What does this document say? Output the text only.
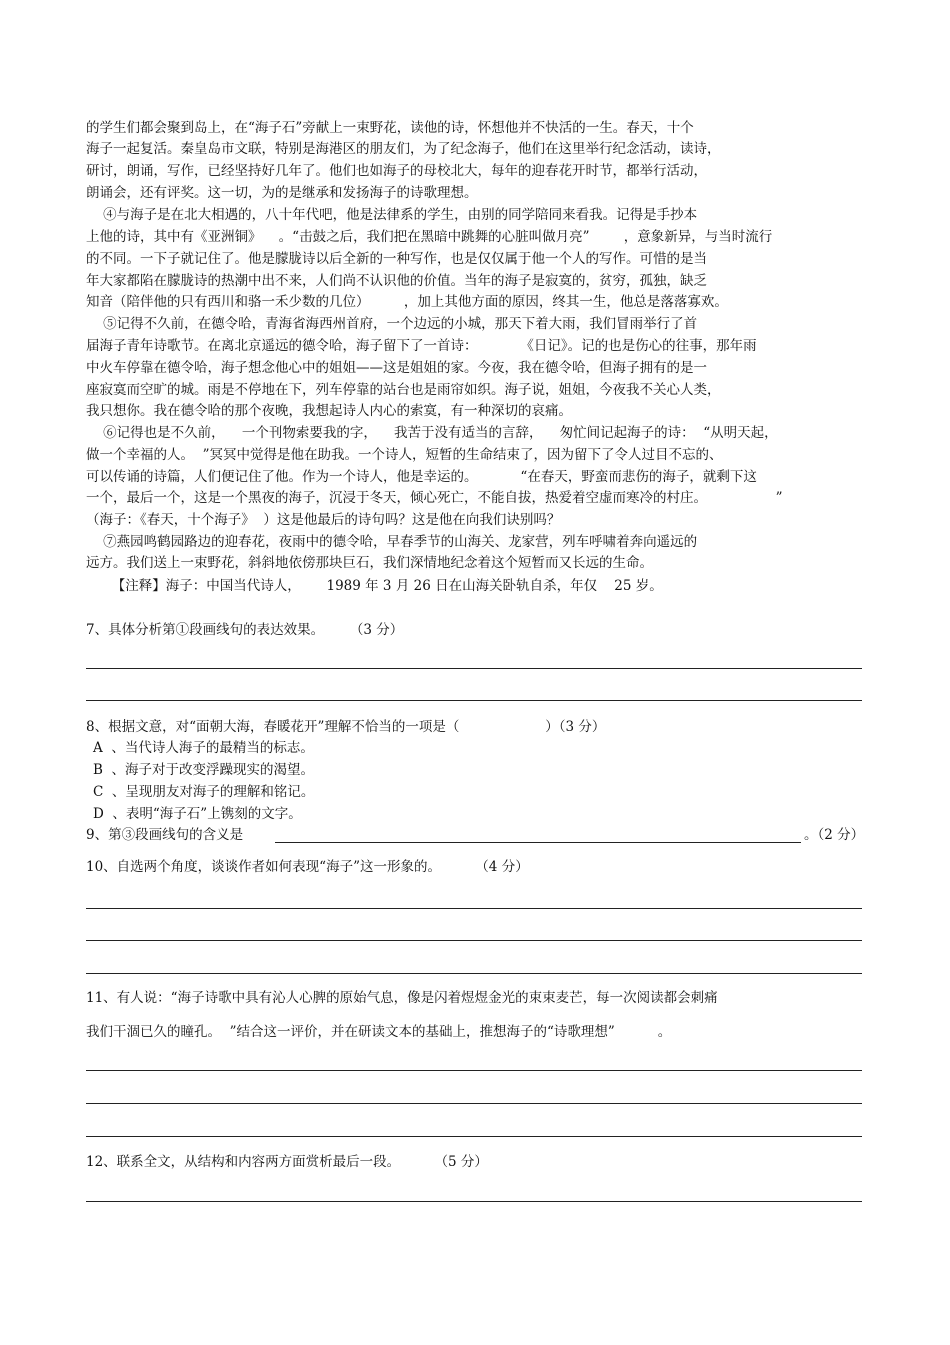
的学生们都会聚到岛上，在“海子石”旁献上一束野花，读他的诗，怀想他并不快活的一生。春天，十个
海子一起复活。秦皇岛市文联，特别是海港区的朋友们，为了纪念海子，他们在这里举行纪念活动，读诗，
研讨，朗诵，写作，已经坚持好几年了。他们也如海子的母校北大，每年的迎春花开时节，都举行活动，
朗诵会，还有评奖。这一切，为的是继承和发扬海子的诗歌理想。
④与海子是在北大相遇的，八十年代吧，他是法律系的学生，由别的同学陪同来看我。记得是手抄本
上他的诗，其中有《亚洲铜》    。“击鼓之后，我们把在黑暗中跳舞的心脏叫做月亮”        ，意象新异，与当时流行
的不同。一下子就记住了。他是朦胧诗以后全新的一种写作，也是仅仅属于他一个人的写作。可惜的是当
年大家都陷在朦胧诗的热潮中出不来，人们尚不认识他的价值。当年的海子是寂寞的，贫穷，孤独，缺乏
知音（陪伴他的只有西川和骆一禾少数的几位）        ，加上其他方面的原因，终其一生，他总是落落寡欢。
⑤记得不久前，在德令哈，青海省海西州首府，一个边远的小城，那天下着大雨，我们冒雨举行了首
届海子青年诗歌节。在离北京遥远的德令哈，海子留下了一首诗：          《日记》。记的也是伤心的往事，那年雨
中火车停靠在德令哈，海子想念他心中的姐姐——这是姐姐的家。今夜，我在德令哈，但海子拥有的是一
座寂寞而空旷的城。雨是不停地在下，列车停靠的站台也是雨帘如织。海子说，姐姐，今夜我不关心人类，
我只想你。我在德令哈的那个夜晚，我想起诗人内心的索寞，有一种深切的哀痛。
⑥记得也是不久前，    一个刊物索要我的字，    我苦于没有适当的言辞，    匆忙间记起海子的诗：  “从明天起，
做一个幸福的人。  ”冥冥中觉得是他在助我。一个诗人，短暂的生命结束了，因为留下了令人过目不忘的、
可以传诵的诗篇，人们便记住了他。作为一个诗人，他是幸运的。          “在春天，野蛮而悲伤的海子，就剩下这
一个，最后一个，这是一个黑夜的海子，沉浸于冬天，倾心死亡，不能自拔，热爱着空虚而寒冷的村庄。                ”
（海子：《春天，十个海子》  ）这是他最后的诗句吗？这是他在向我们诀别吗？
⑦燕园鸣鹤园路边的迎春花，夜雨中的德令哈，早春季节的山海关、龙家营，列车呼啸着奔向遥远的
远方。我们送上一束野花，斜斜地依傍那块巨石，我们深情地纪念着这个短暂而又长远的生命。
【注释】海子：中国当代诗人，      1989 年 3 月 26 日在山海关卧轨自杀，年仅    25 岁。
7、具体分析第①段画线句的表达效果。      （3 分）
8、根据文意，对“面朝大海，春暖花开”理解不恰当的一项是（                    ）（3 分）
A  、当代诗人海子的最精当的标志。
B  、海子对于改变浮躁现实的渴望。
C  、呈现朋友对海子的理解和铭记。
D  、表明“海子石”上镌刻的文字。
9、第③段画线句的含义是	。（2 分）
10、自选两个角度，谈谈作者如何表现“海子”这一形象的。        （4 分）
11、有人说：“海子诗歌中具有沁人心脾的原始气息，像是闪着煜煜金光的束束麦芒，每一次阅读都会刺痛
我们干涸已久的瞳孔。  ”结合这一评价，并在研读文本的基础上，推想海子的“诗歌理想”          。
12、联系全文，从结构和内容两方面赏析最后一段。        （5 分）
